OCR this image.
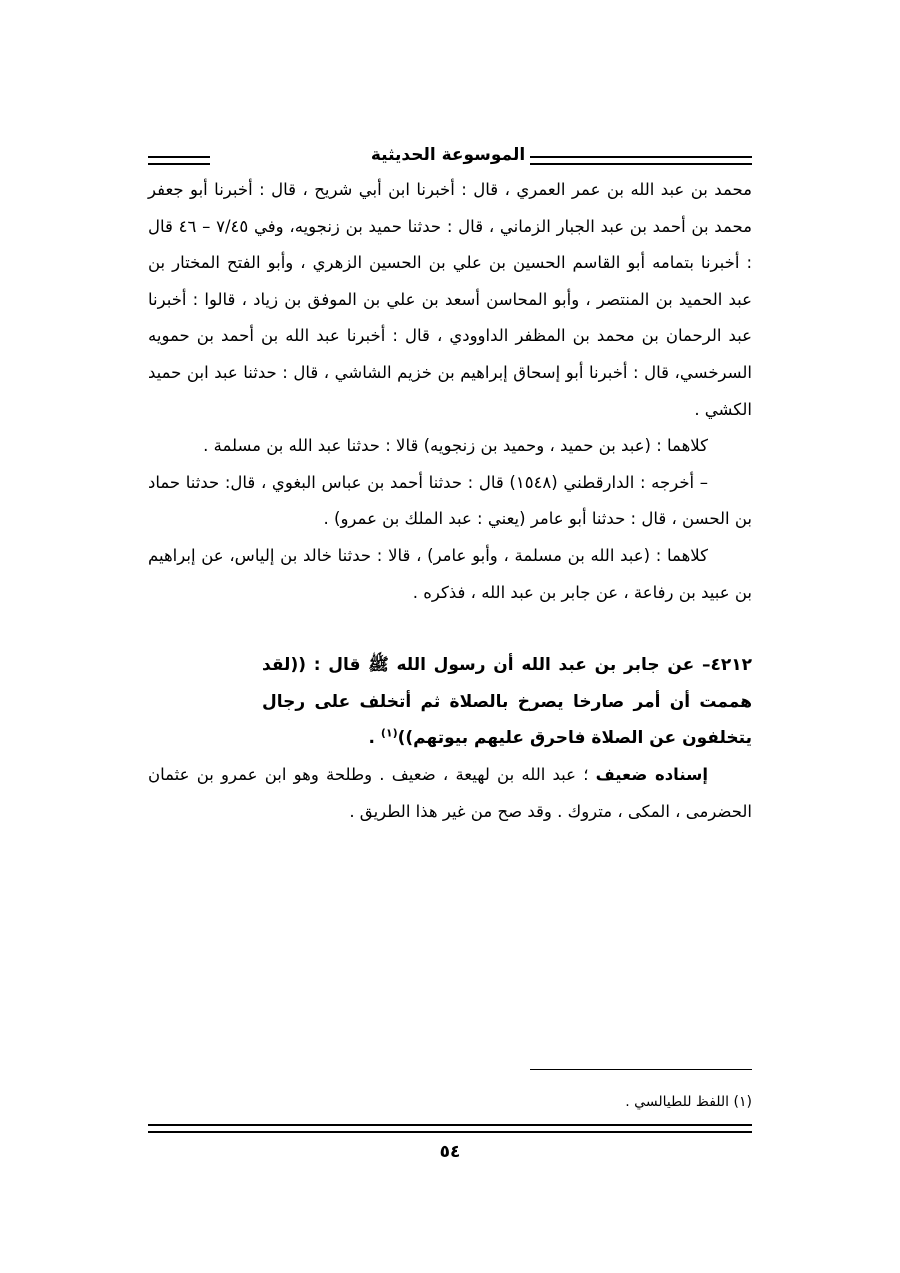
الموسوعة الحديثية

محمد بن عبد الله بن عمر العمري ، قال : أخبرنا ابن أبي شريح ، قال : أخبرنا أبو جعفر محمد بن أحمد بن عبد الجبار الزماني ، قال : حدثنا حميد بن زنجويه، وفي ٧/٤٥ – ٤٦ قال : أخبرنا بتمامه أبو القاسم الحسين بن علي بن الحسين الزهري ، وأبو الفتح المختار بن عبد الحميد بن المنتصر ، وأبو المحاسن أسعد بن علي بن الموفق بن زياد ، قالوا : أخبرنا عبد الرحمان بن محمد بن المظفر الداوودي ، قال : أخبرنا عبد الله بن أحمد بن حمويه السرخسي، قال : أخبرنا أبو إسحاق إبراهيم بن خزيم الشاشي ، قال : حدثنا عبد ابن حميد الكشي .

كلاهما : (عبد بن حميد ، وحميد بن زنجويه) قالا : حدثنا عبد الله بن مسلمة .

– أخرجه : الدارقطني (١٥٤٨) قال : حدثنا أحمد بن عباس البغوي ، قال: حدثنا حماد بن الحسن ، قال : حدثنا أبو عامر (يعني : عبد الملك بن عمرو) .

كلاهما : (عبد الله بن مسلمة ، وأبو عامر) ، قالا : حدثنا خالد بن إلياس، عن إبراهيم بن عبيد بن رفاعة ، عن جابر بن عبد الله ، فذكره .

٤٢١٢– عن جابر بن عبد الله أن رسول الله ﷺ قال : ((لقد هممت أن أمر صارخا يصرخ بالصلاة ثم أتخلف على رجال يتخلفون عن الصلاة فاحرق عليهم بيوتهم))$^{(١)}$ .

إسناده ضعيف ؛ عبد الله بن لهيعة ، ضعيف . وطلحة وهو ابن عمرو بن عثمان الحضرمى ، المكى ، متروك . وقد صح من غير هذا الطريق .

(١) اللفظ للطيالسي .
٥٤
